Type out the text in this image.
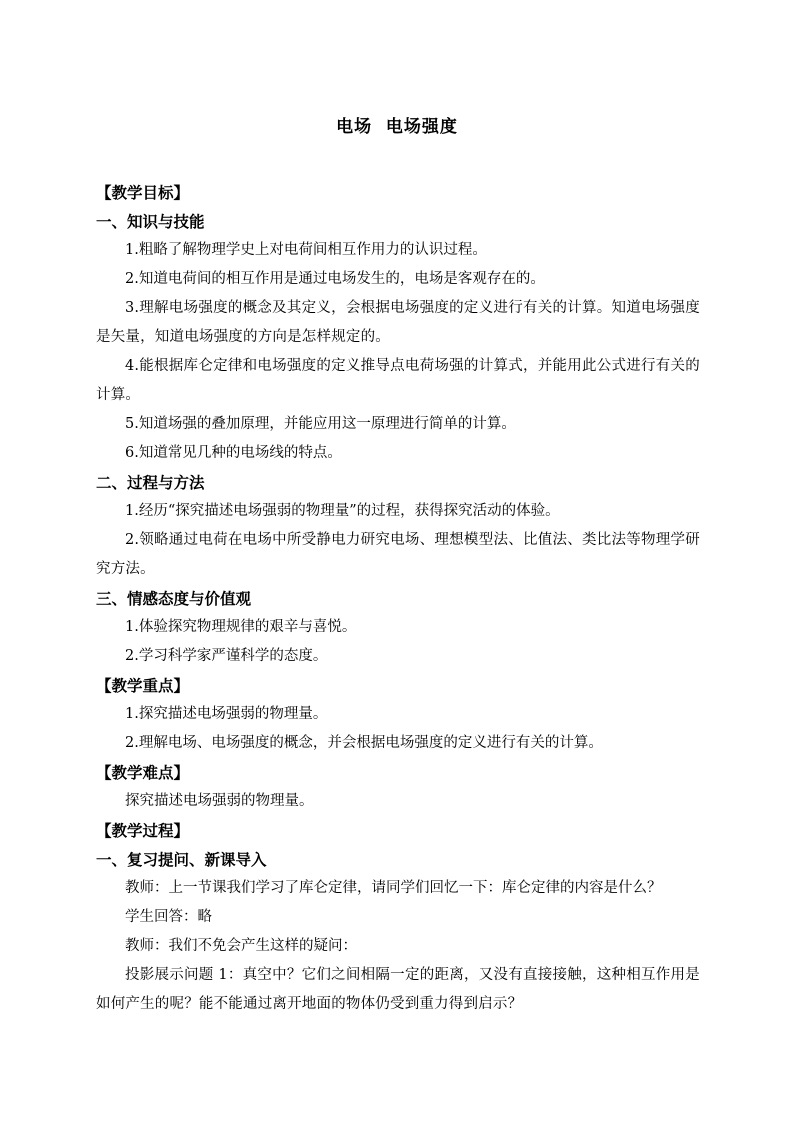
电场  电场强度
【教学目标】
一、知识与技能
1.粗略了解物理学史上对电荷间相互作用力的认识过程。
2.知道电荷间的相互作用是通过电场发生的，电场是客观存在的。
3.理解电场强度的概念及其定义，会根据电场强度的定义进行有关的计算。知道电场强度是矢量，知道电场强度的方向是怎样规定的。
4.能根据库仑定律和电场强度的定义推导点电荷场强的计算式，并能用此公式进行有关的计算。
5.知道场强的叠加原理，并能应用这一原理进行简单的计算。
6.知道常见几种的电场线的特点。
二、过程与方法
1.经历“探究描述电场强弱的物理量”的过程，获得探究活动的体验。
2.领略通过电荷在电场中所受静电力研究电场、理想模型法、比值法、类比法等物理学研究方法。
三、情感态度与价值观
1.体验探究物理规律的艰辛与喜悦。
2.学习科学家严谨科学的态度。
【教学重点】
1.探究描述电场强弱的物理量。
2.理解电场、电场强度的概念，并会根据电场强度的定义进行有关的计算。
【教学难点】
探究描述电场强弱的物理量。
【教学过程】
一、复习提问、新课导入
教师：上一节课我们学习了库仑定律，请同学们回忆一下：库仑定律的内容是什么？
学生回答：略
教师：我们不免会产生这样的疑问：
投影展示问题 1：真空中？它们之间相隔一定的距离，又没有直接接触，这种相互作用是如何产生的呢？能不能通过离开地面的物体仍受到重力得到启示？
